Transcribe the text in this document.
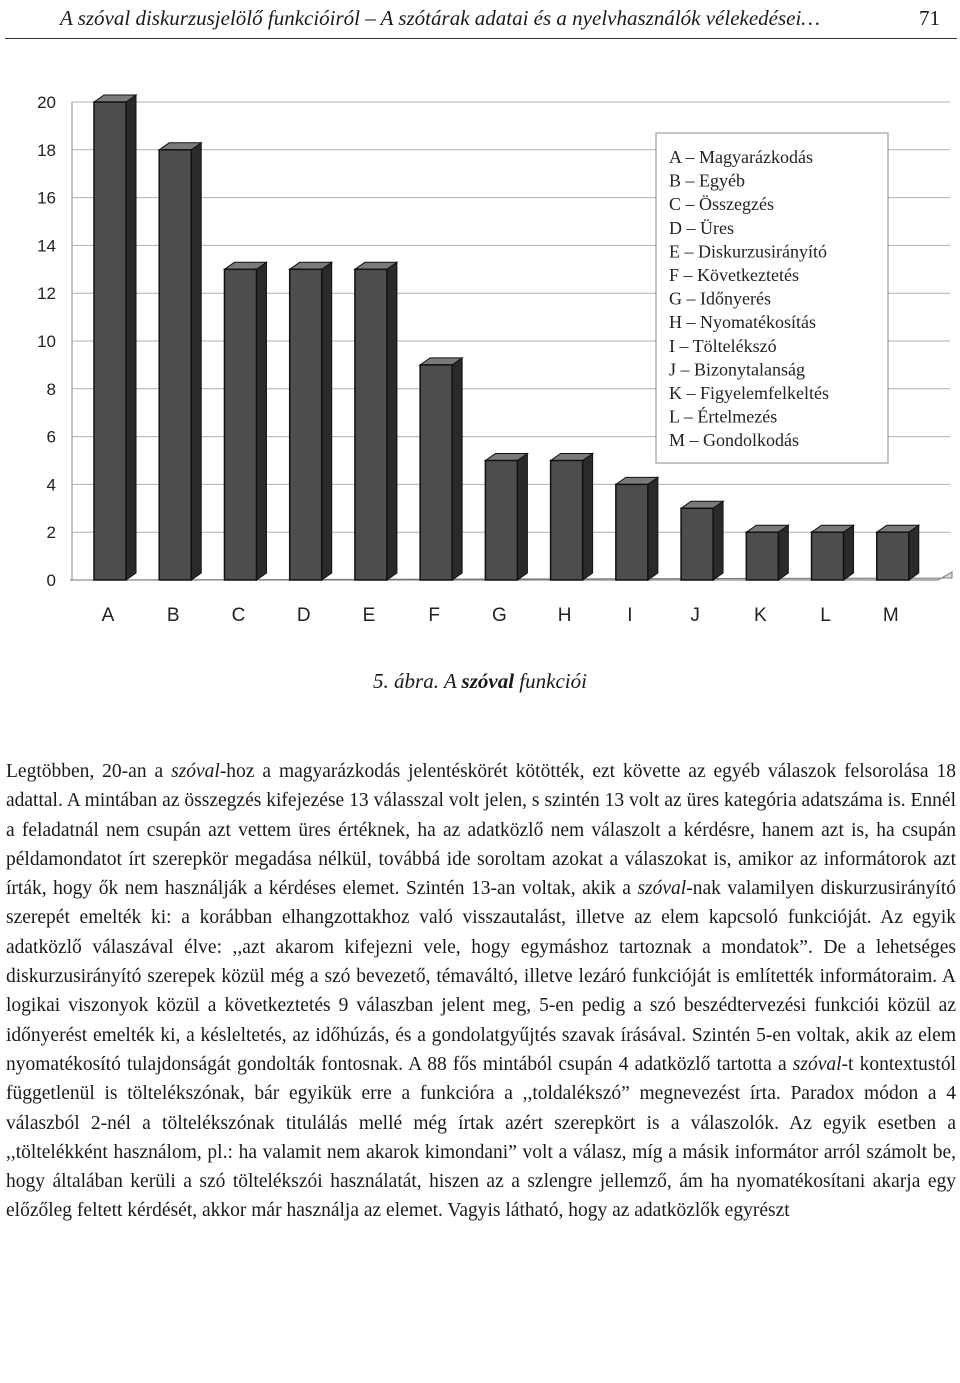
A szóval diskurzusjelölő funkcióiról – A szótárak adatai és a nyelvhasználók vélekedései…	71
0
2
4
6
8
10
12
14
16
18
20
A	B	C	D	E	F	G	H	I	J	K	L	M
A – Magyarázkodás
B – Egyéb
C – Összegzés
D – Üres
E – Diskurzusirányító
F – Következtetés
G – Időnyerés
H – Nyomatékosítás
I – Töltelékszó
J – Bizonytalanság
K – Figyelemfelkeltés
L – Értelmezés
M – Gondolkodás
5. ábra. A szóval funkciói

Legtöbben, 20-an a szóval-hoz a magyarázkodás jelentéskörét kötötték, ezt követte az egyéb válaszok felsorolása 18 adattal. A mintában az összegzés kifejezése 13 válasszal volt jelen, s szintén 13 volt az üres kategória adatszáma is. Ennél a feladatnál nem csupán azt vettem üres értéknek, ha az adatközlő nem válaszolt a kérdésre, hanem azt is, ha csupán példamondatot írt szerepkör megadása nélkül, továbbá ide soroltam azokat a válaszokat is, amikor az informátorok azt írták, hogy ők nem használják a kérdéses elemet. Szintén 13-an voltak, akik a szóval-nak valamilyen diskurzusirányító szerepét emelték ki: a korábban elhangzottakhoz való visszautalást, illetve az elem kapcsoló funkcióját. Az egyik adatközlő válaszával élve: ,,azt akarom kifejezni vele, hogy egymáshoz tartoznak a mondatok”. De a lehetséges diskurzusirányító szerepek közül még a szó bevezető, témaváltó, illetve lezáró funkcióját is említették informátoraim. A logikai viszonyok közül a következtetés 9 válaszban jelent meg, 5-en pedig a szó beszédtervezési funkciói közül az időnyerést emelték ki, a késleltetés, az időhúzás, és a gondolatgyűjtés szavak írásával. Szintén 5-en voltak, akik az elem nyomatékosító tulajdonságát gondolták fontosnak. A 88 fős mintából csupán 4 adatközlő tartotta a szóval-t kontextustól függetlenül is töltelékszónak, bár egyikük erre a funkcióra a ,,toldalékszó” megnevezést írta. Paradox módon a 4 válaszból 2-nél a töltelékszónak titulálás mellé még írtak azért szerepkört is a válaszolók. Az egyik esetben a ,,töltelékként használom, pl.: ha valamit nem akarok kimondani” volt a válasz, míg a másik informátor arról számolt be, hogy általában kerüli a szó töltelékszói használatát, hiszen az a szlengre jellemző, ám ha nyomatékosítani akarja egy előzőleg feltett kérdését, akkor már használja az elemet. Vagyis látható, hogy az adatközlők egyrészt
